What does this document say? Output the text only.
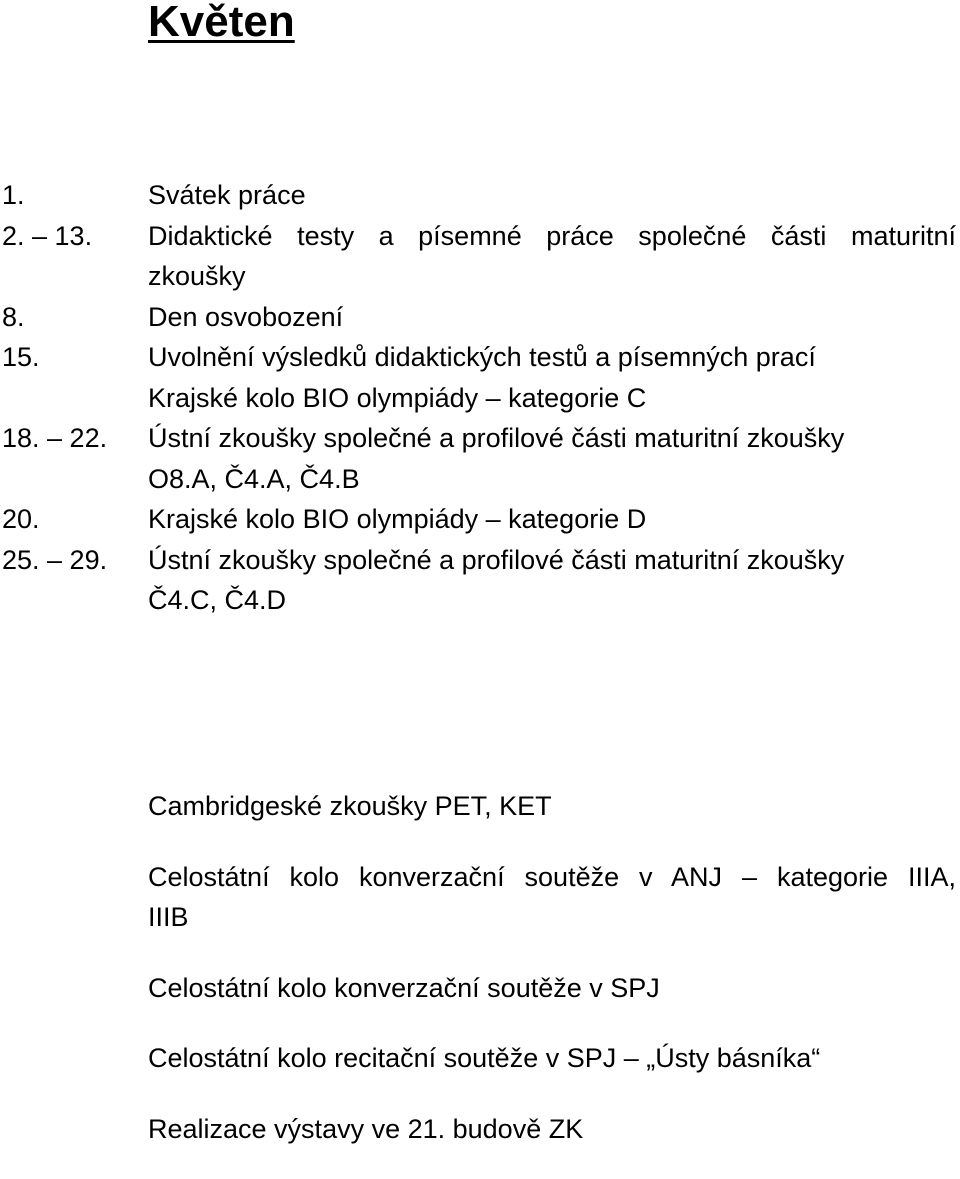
Květen
1.	Svátek práce
2. – 13. Didaktické testy a písemné práce společné části maturitní
zkoušky
8.	Den osvobození
15.	Uvolnění výsledků didaktických testů a písemných prací
Krajské kolo BIO olympiády – kategorie C
18. – 22. Ústní zkoušky společné a profilové části maturitní zkoušky
O8.A, Č4.A, Č4.B
20.	Krajské kolo BIO olympiády – kategorie D
25. – 29. Ústní zkoušky společné a profilové části maturitní zkoušky
Č4.C, Č4.D
Cambridgeské zkoušky PET, KET
Celostátní kolo konverzační soutěže v ANJ – kategorie IIIA,
IIIB
Celostátní kolo konverzační soutěže v SPJ
Celostátní kolo recitační soutěže v SPJ – „Ústy básníka“
Realizace výstavy ve 21. budově ZK
